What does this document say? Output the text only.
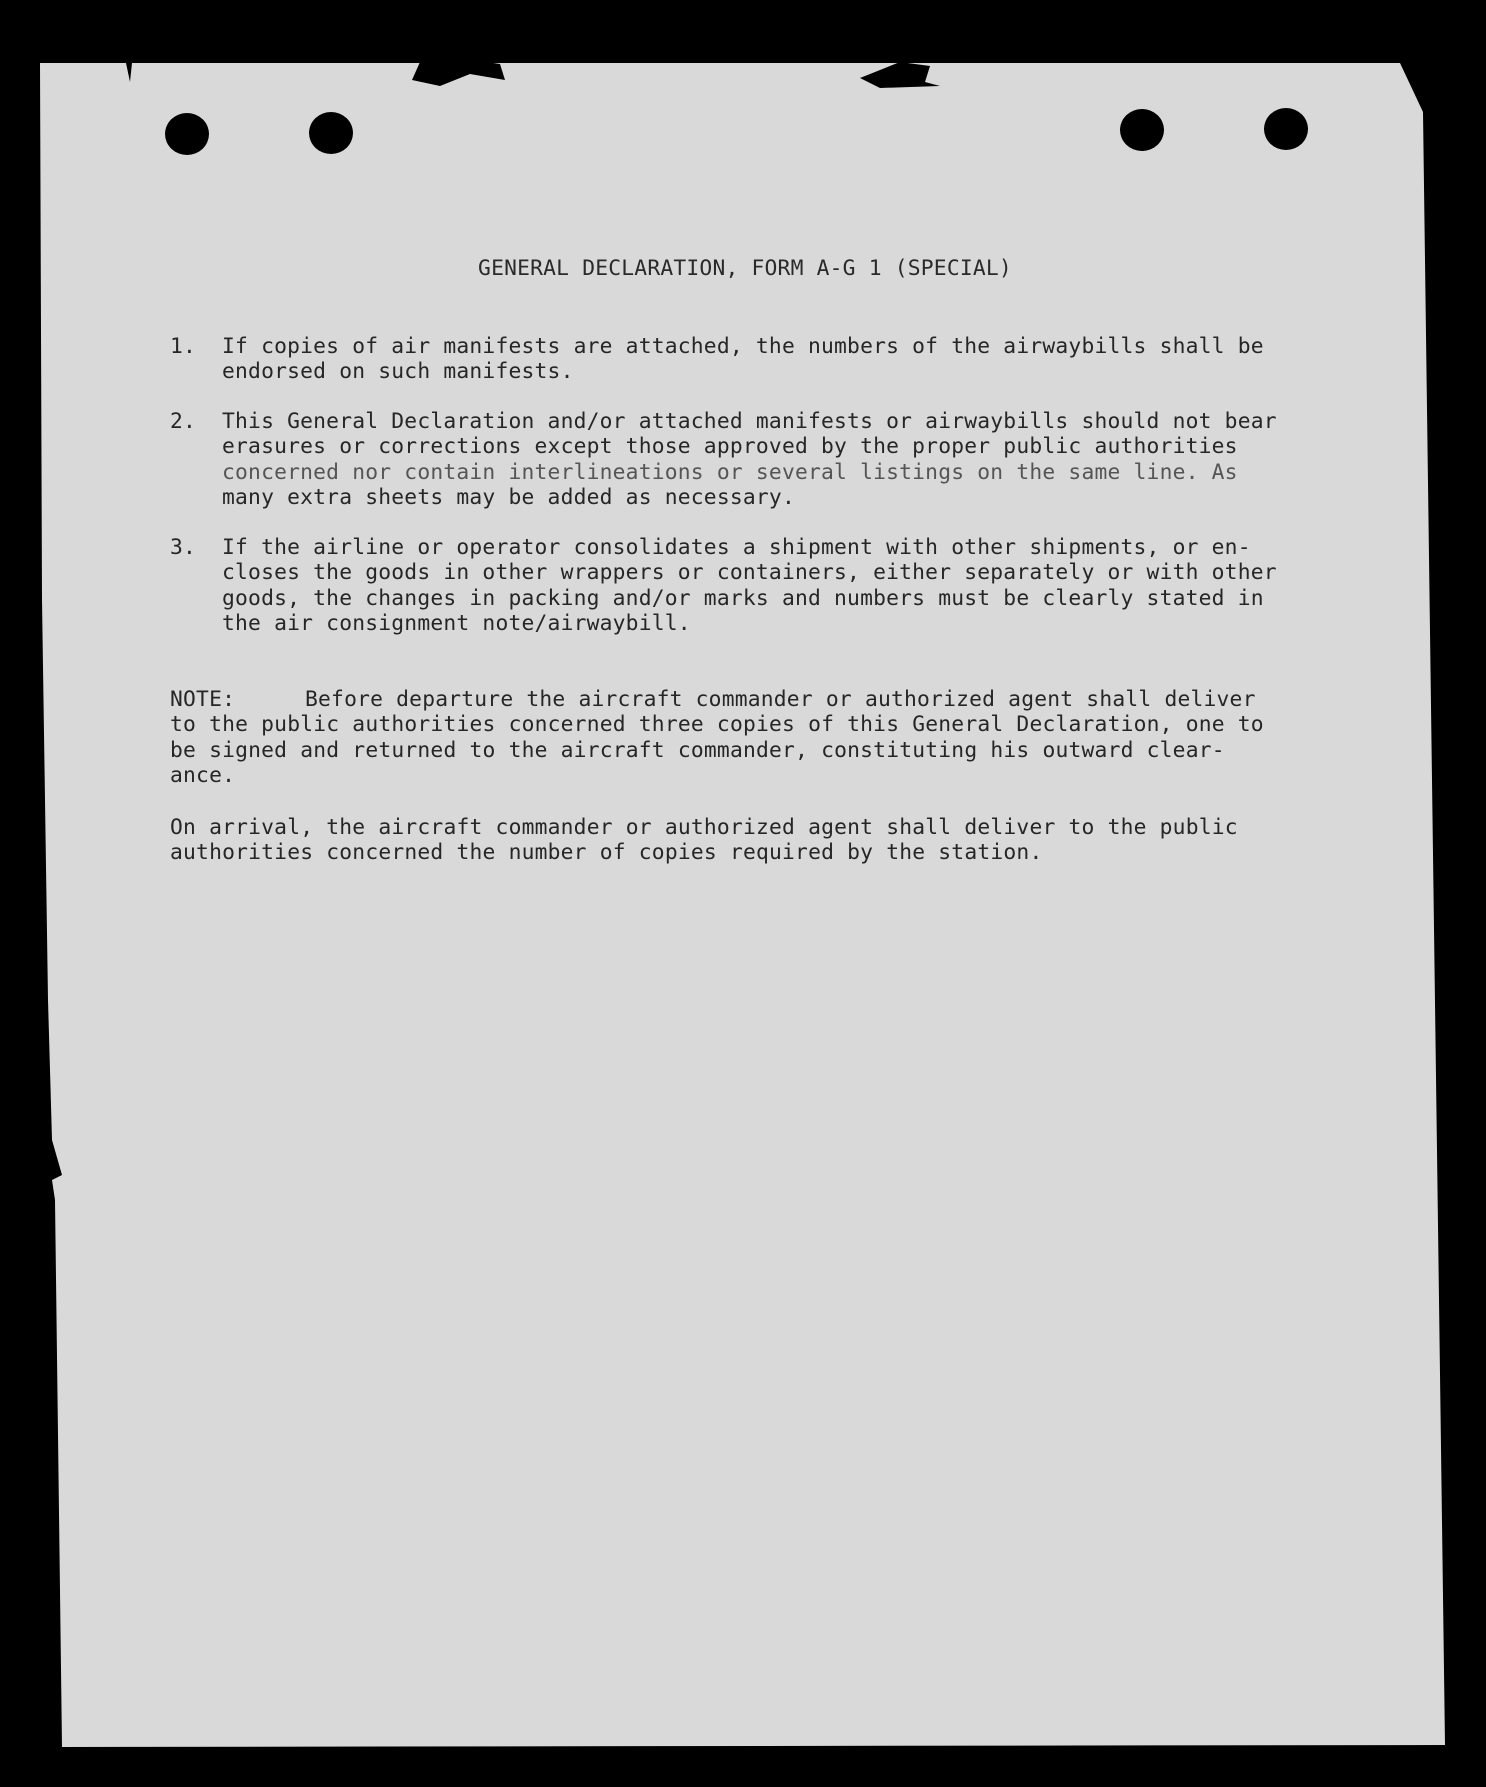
GENERAL DECLARATION, FORM A-G 1 (SPECIAL)
1.	If copies of air manifests are attached, the numbers of the airwaybills shall be
endorsed on such manifests.
2.	This General Declaration and/or attached manifests or airwaybills should not bear
erasures or corrections except those approved by the proper public authorities
concerned nor contain interlineations or several listings on the same line. As
many extra sheets may be added as necessary.
3.	If the airline or operator consolidates a shipment with other shipments, or en-
closes the goods in other wrappers or containers, either separately or with other
goods, the changes in packing and/or marks and numbers must be clearly stated in
the air consignment note/airwaybill.
NOTE:	Before departure the aircraft commander or authorized agent shall deliver
to the public authorities concerned three copies of this General Declaration, one to
be signed and returned to the aircraft commander, constituting his outward clear-
ance.
On arrival, the aircraft commander or authorized agent shall deliver to the public
authorities concerned the number of copies required by the station.
